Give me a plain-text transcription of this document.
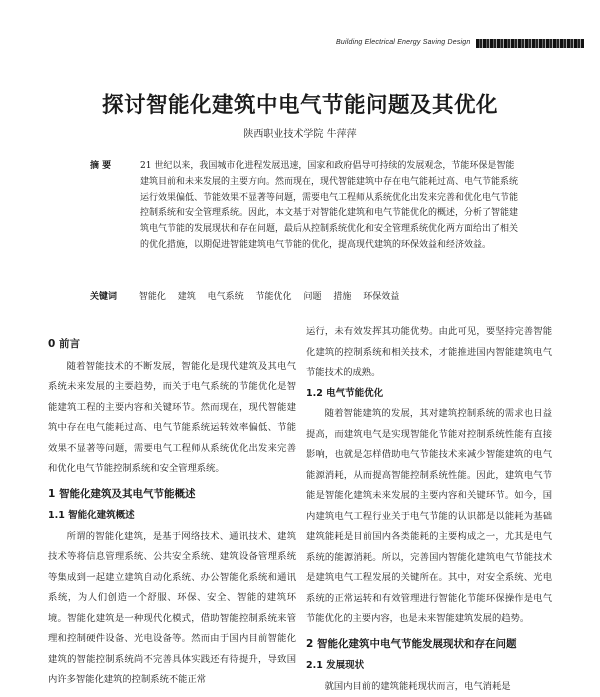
Building Electrical Energy Saving Design
探讨智能化建筑中电气节能问题及其优化
陕西职业技术学院 牛萍萍
摘 要	21 世纪以来，我国城市化进程发展迅速，国家和政府倡导可持续的发展观念，节能环保是智能建筑目前和未来发展的主要方向。然而现在，现代智能建筑中存在电气能耗过高、电气节能系统运行效果偏低、节能效果不显著等问题，需要电气工程师从系统优化出发来完善和优化电气节能控制系统和安全管理系统。因此，本文基于对智能化建筑和电气节能优化的概述，分析了智能建筑电气节能的发展现状和存在问题，最后从控制系统优化和安全管理系统优化两方面给出了相关的优化措施，以期促进智能建筑电气节能的优化，提高现代建筑的环保效益和经济效益。
关键词 智能化 建筑 电气系统 节能优化 问题 措施 环保效益
0 前言

随着智能技术的不断发展，智能化是现代建筑及其电气系统未来发展的主要趋势，而关于电气系统的节能优化是智能建筑工程的主要内容和关键环节。然而现在，现代智能建筑中存在电气能耗过高、电气节能系统运转效率偏低、节能效果不显著等问题，需要电气工程师从系统优化出发来完善和优化电气节能控制系统和安全管理系统。

1 智能化建筑及其电气节能概述
1.1 智能化建筑概述

所谓的智能化建筑，是基于网络技术、通讯技术、建筑技术等将信息管理系统、公共安全系统、建筑设备管理系统等集成到一起建立建筑自动化系统、办公智能化系统和通讯系统，为人们创造一个舒服、环保、安全、智能的建筑环境。智能化建筑是一种现代化模式，借助智能控制系统来管理和控制硬件设备、光电设备等。然而由于国内目前智能化建筑的智能控制系统尚不完善具体实践还有待提升，导致国内许多智能化建筑的控制系统不能正常

运行，未有效发挥其功能优势。由此可见，要坚持完善智能化建筑的控制系统和相关技术，才能推进国内智能建筑电气节能技术的成熟。

1.2 电气节能优化

随着智能建筑的发展，其对建筑控制系统的需求也日益提高，而建筑电气是实现智能化节能对控制系统性能有直接影响，也就是怎样借助电气节能技术来减少智能建筑的电气能源消耗，从而提高智能控制系统性能。因此，建筑电气节能是智能化建筑未来发展的主要内容和关键环节。如今，国内建筑电气工程行业关于电气节能的认识都是以能耗为基础建筑能耗是目前国内各类能耗的主要构成之一，尤其是电气系统的能源消耗。所以，完善国内智能化建筑电气节能技术是建筑电气工程发展的关键所在。其中，对安全系统、光电系统的正常运转和有效管理进行智能化节能环保操作是电气节能优化的主要内容，也是未来智能建筑发展的趋势。

2 智能化建筑中电气节能发展现状和存在问题
2.1 发展现状

就国内目前的建筑能耗现状而言，电气消耗是
